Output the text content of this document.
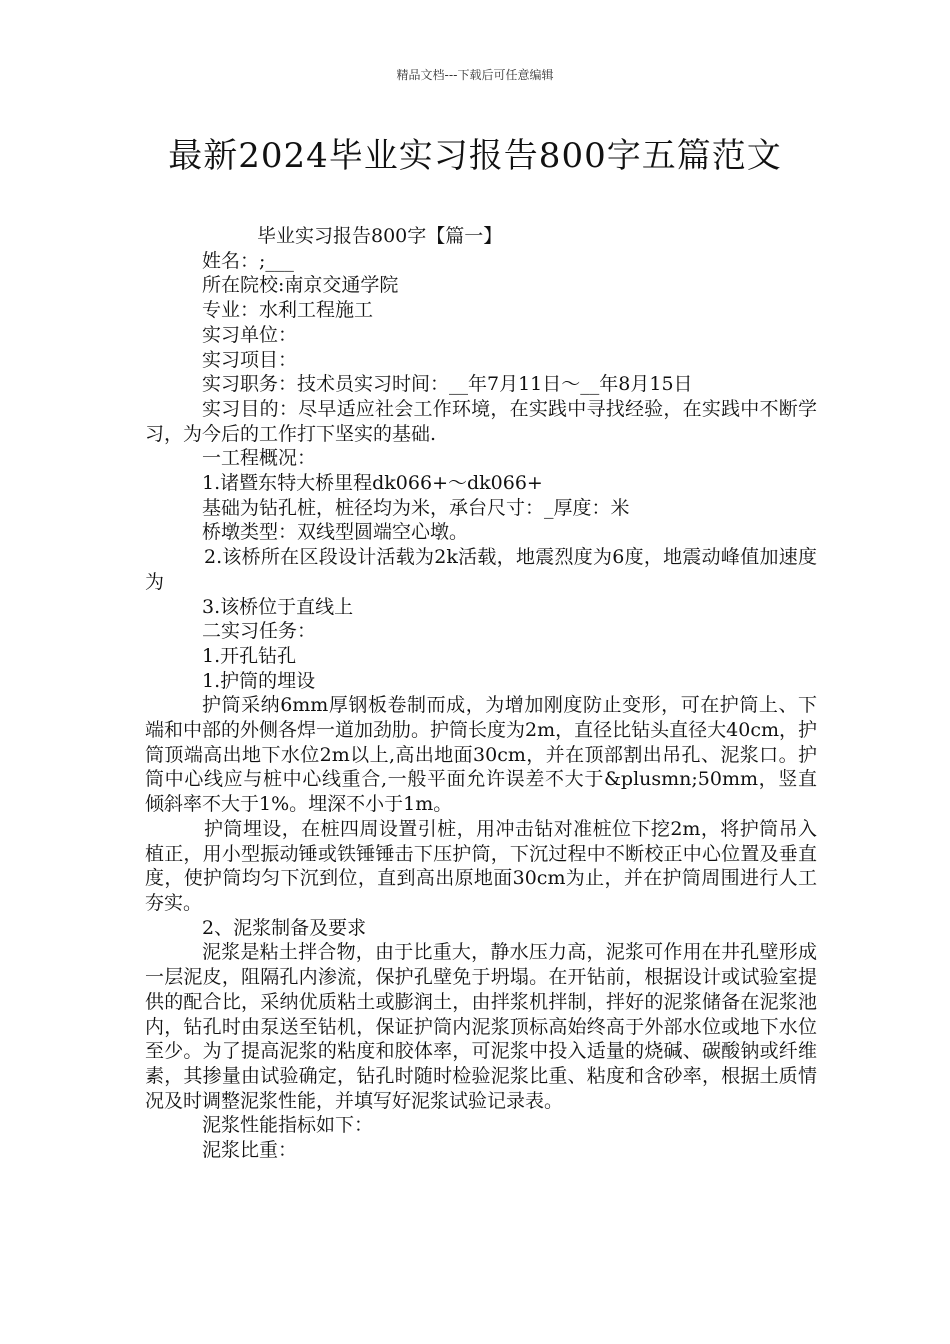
精品文档---下载后可任意编辑
最新2024毕业实习报告800字五篇范文
毕业实习报告800字【篇一】
姓名：;___
所在院校:南京交通学院
专业：水利工程施工
实习单位：
实习项目：
实习职务：技术员实习时间：__年7月11日～__年8月15日
实习目的：尽早适应社会工作环境，在实践中寻找经验，在实践中不断学习，为今后的工作打下坚实的基础.
一工程概况：
1.诸暨东特大桥里程dk066+～dk066+
基础为钻孔桩，桩径均为米，承台尺寸：_厚度：米
桥墩类型：双线型圆端空心墩。
2.该桥所在区段设计活载为2k活载，地震烈度为6度，地震动峰值加速度为
3.该桥位于直线上
二实习任务：
1.开孔钻孔
1.护筒的埋设
护筒采纳6mm厚钢板卷制而成，为增加刚度防止变形，可在护筒上、下端和中部的外侧各焊一道加劲肋。护筒长度为2m，直径比钻头直径大40cm，护筒顶端高出地下水位2m以上,高出地面30cm，并在顶部割出吊孔、泥浆口。护筒中心线应与桩中心线重合,一般平面允许误差不大于&plusmn;50mm，竖直倾斜率不大于1%。埋深不小于1m。
护筒埋设，在桩四周设置引桩，用冲击钻对准桩位下挖2m，将护筒吊入植正，用小型振动锤或铁锤锤击下压护筒，下沉过程中不断校正中心位置及垂直度，使护筒均匀下沉到位，直到高出原地面30cm为止，并在护筒周围进行人工夯实。
2、泥浆制备及要求
泥浆是粘土拌合物，由于比重大，静水压力高，泥浆可作用在井孔壁形成一层泥皮，阻隔孔内渗流，保护孔壁免于坍塌。在开钻前，根据设计或试验室提供的配合比，采纳优质粘土或膨润土，由拌浆机拌制，拌好的泥浆储备在泥浆池内，钻孔时由泵送至钻机，保证护筒内泥浆顶标高始终高于外部水位或地下水位至少。为了提高泥浆的粘度和胶体率，可泥浆中投入适量的烧碱、碳酸钠或纤维素，其掺量由试验确定，钻孔时随时检验泥浆比重、粘度和含砂率，根据土质情况及时调整泥浆性能，并填写好泥浆试验记录表。
泥浆性能指标如下：
泥浆比重：
